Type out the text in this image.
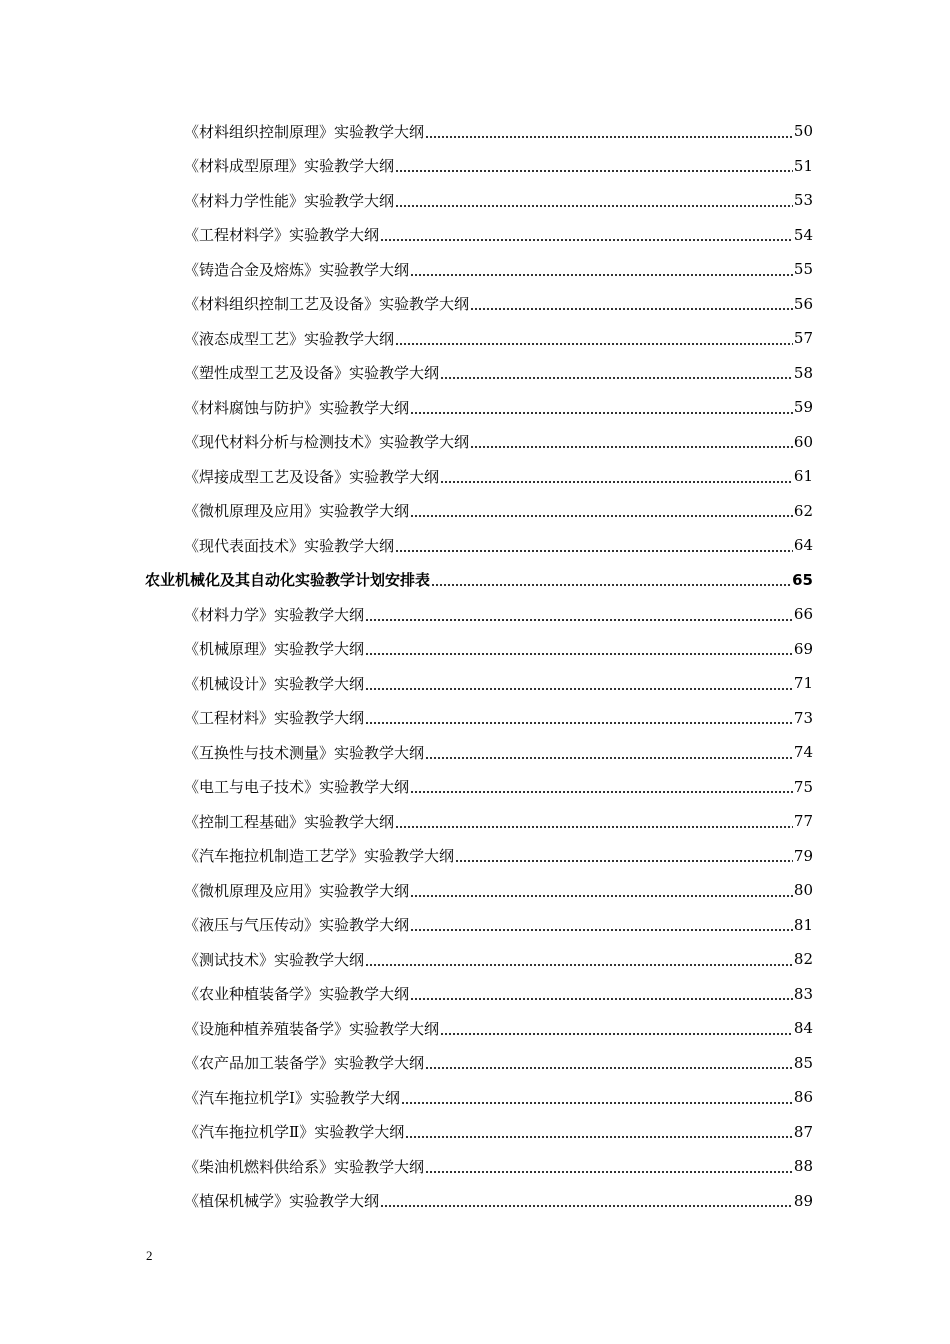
《材料组织控制原理》实验教学大纲	50
《材料成型原理》实验教学大纲	51
《材料力学性能》实验教学大纲	53
《工程材料学》实验教学大纲	54
《铸造合金及熔炼》实验教学大纲	55
《材料组织控制工艺及设备》实验教学大纲	56
《液态成型工艺》实验教学大纲	57
《塑性成型工艺及设备》实验教学大纲	58
《材料腐蚀与防护》实验教学大纲	59
《现代材料分析与检测技术》实验教学大纲	60
《焊接成型工艺及设备》实验教学大纲	61
《微机原理及应用》实验教学大纲	62
《现代表面技术》实验教学大纲	64
农业机械化及其自动化实验教学计划安排表	65
《材料力学》实验教学大纲	66
《机械原理》实验教学大纲	69
《机械设计》实验教学大纲	71
《工程材料》实验教学大纲	73
《互换性与技术测量》实验教学大纲	74
《电工与电子技术》实验教学大纲	75
《控制工程基础》实验教学大纲	77
《汽车拖拉机制造工艺学》实验教学大纲	79
《微机原理及应用》实验教学大纲	80
《液压与气压传动》实验教学大纲	81
《测试技术》实验教学大纲	82
《农业种植装备学》实验教学大纲	83
《设施种植养殖装备学》实验教学大纲	84
《农产品加工装备学》实验教学大纲	85
《汽车拖拉机学Ⅰ》实验教学大纲	86
《汽车拖拉机学Ⅱ》实验教学大纲	87
《柴油机燃料供给系》实验教学大纲	88
《植保机械学》实验教学大纲	89
2
